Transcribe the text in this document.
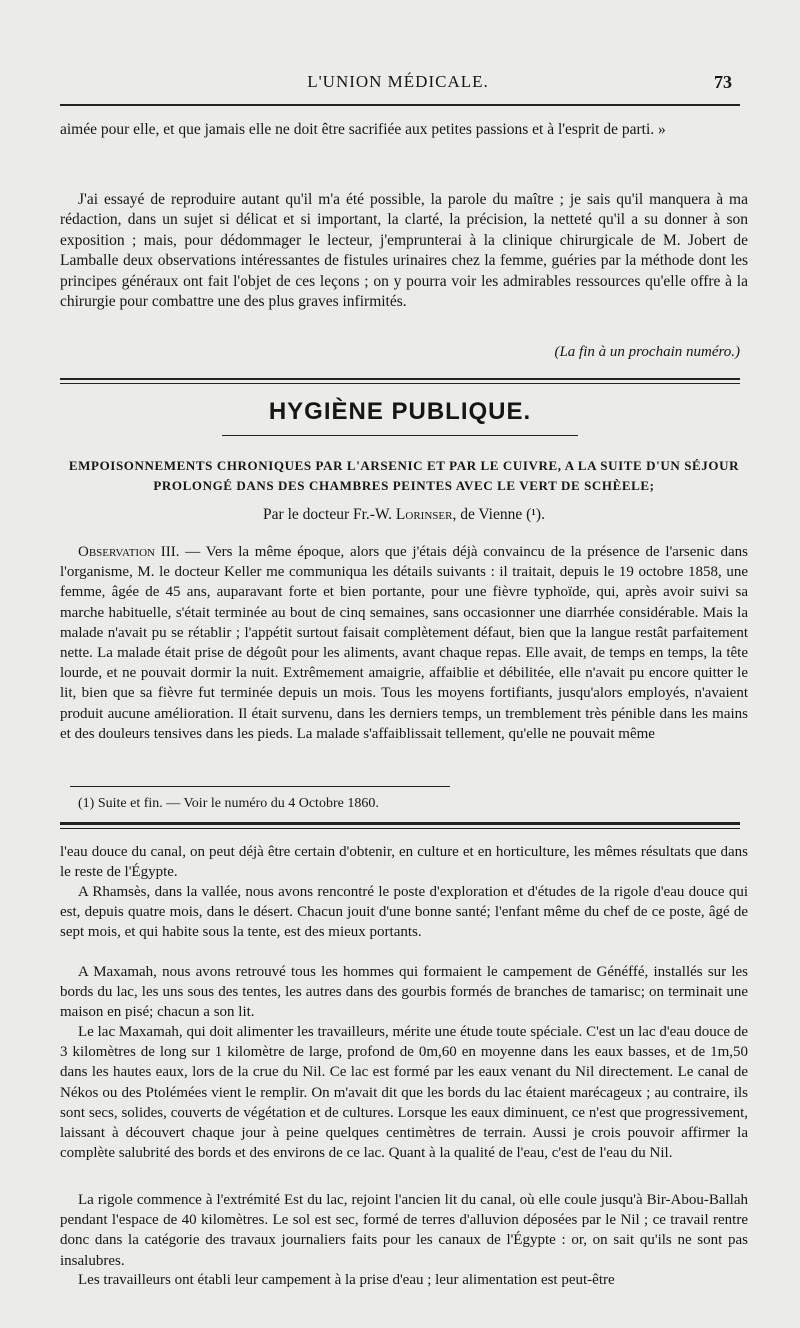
L'UNION MÉDICALE.	73

aimée pour elle, et que jamais elle ne doit être sacrifiée aux petites passions et à l'esprit de parti. »

J'ai essayé de reproduire autant qu'il m'a été possible, la parole du maître ; je sais qu'il manquera à ma rédaction, dans un sujet si délicat et si important, la clarté, la précision, la netteté qu'il a su donner à son exposition ; mais, pour dédommager le lecteur, j'emprunterai à la clinique chirurgicale de M. Jobert de Lamballe deux observations intéressantes de fistules urinaires chez la femme, guéries par la méthode dont les principes généraux ont fait l'objet de ces leçons ; on y pourra voir les admirables ressources qu'elle offre à la chirurgie pour combattre une des plus graves infirmités.

(La fin à un prochain numéro.)
HYGIÈNE PUBLIQUE.
EMPOISONNEMENTS CHRONIQUES PAR L'ARSENIC ET PAR LE CUIVRE, A LA SUITE D'UN SÉJOUR PROLONGÉ DANS DES CHAMBRES PEINTES AVEC LE VERT DE SCHÈELE;
Par le docteur Fr.-W. Lorinser, de Vienne (¹).

Observation III. — Vers la même époque, alors que j'étais déjà convaincu de la présence de l'arsenic dans l'organisme, M. le docteur Keller me communiqua les détails suivants : il traitait, depuis le 19 octobre 1858, une femme, âgée de 45 ans, auparavant forte et bien portante, pour une fièvre typhoïde, qui, après avoir suivi sa marche habituelle, s'était terminée au bout de cinq semaines, sans occasionner une diarrhée considérable. Mais la malade n'avait pu se rétablir ; l'appétit surtout faisait complètement défaut, bien que la langue restât parfaitement nette. La malade était prise de dégoût pour les aliments, avant chaque repas. Elle avait, de temps en temps, la tête lourde, et ne pouvait dormir la nuit. Extrêmement amaigrie, affaiblie et débilitée, elle n'avait pu encore quitter le lit, bien que sa fièvre fut terminée depuis un mois. Tous les moyens fortifiants, jusqu'alors employés, n'avaient produit aucune amélioration. Il était survenu, dans les derniers temps, un tremblement très pénible dans les mains et des douleurs tensives dans les pieds. La malade s'affaiblissait tellement, qu'elle ne pouvait même

(1) Suite et fin. — Voir le numéro du 4 Octobre 1860.

l'eau douce du canal, on peut déjà être certain d'obtenir, en culture et en horticulture, les mêmes résultats que dans le reste de l'Égypte.

A Rhamsès, dans la vallée, nous avons rencontré le poste d'exploration et d'études de la rigole d'eau douce qui est, depuis quatre mois, dans le désert. Chacun jouit d'une bonne santé; l'enfant même du chef de ce poste, âgé de sept mois, et qui habite sous la tente, est des mieux portants.

A Maxamah, nous avons retrouvé tous les hommes qui formaient le campement de Généffé, installés sur les bords du lac, les uns sous des tentes, les autres dans des gourbis formés de branches de tamarisc; on terminait une maison en pisé; chacun a son lit.

Le lac Maxamah, qui doit alimenter les travailleurs, mérite une étude toute spéciale. C'est un lac d'eau douce de 3 kilomètres de long sur 1 kilomètre de large, profond de 0m,60 en moyenne dans les eaux basses, et de 1m,50 dans les hautes eaux, lors de la crue du Nil. Ce lac est formé par les eaux venant du Nil directement. Le canal de Nékos ou des Ptolémées vient le remplir. On m'avait dit que les bords du lac étaient marécageux ; au contraire, ils sont secs, solides, couverts de végétation et de cultures. Lorsque les eaux diminuent, ce n'est que progressivement, laissant à découvert chaque jour à peine quelques centimètres de terrain. Aussi je crois pouvoir affirmer la complète salubrité des bords et des environs de ce lac. Quant à la qualité de l'eau, c'est de l'eau du Nil.

La rigole commence à l'extrémité Est du lac, rejoint l'ancien lit du canal, où elle coule jusqu'à Bir-Abou-Ballah pendant l'espace de 40 kilomètres. Le sol est sec, formé de terres d'alluvion déposées par le Nil ; ce travail rentre donc dans la catégorie des travaux journaliers faits pour les canaux de l'Égypte : or, on sait qu'ils ne sont pas insalubres.

Les travailleurs ont établi leur campement à la prise d'eau ; leur alimentation est peut-être
